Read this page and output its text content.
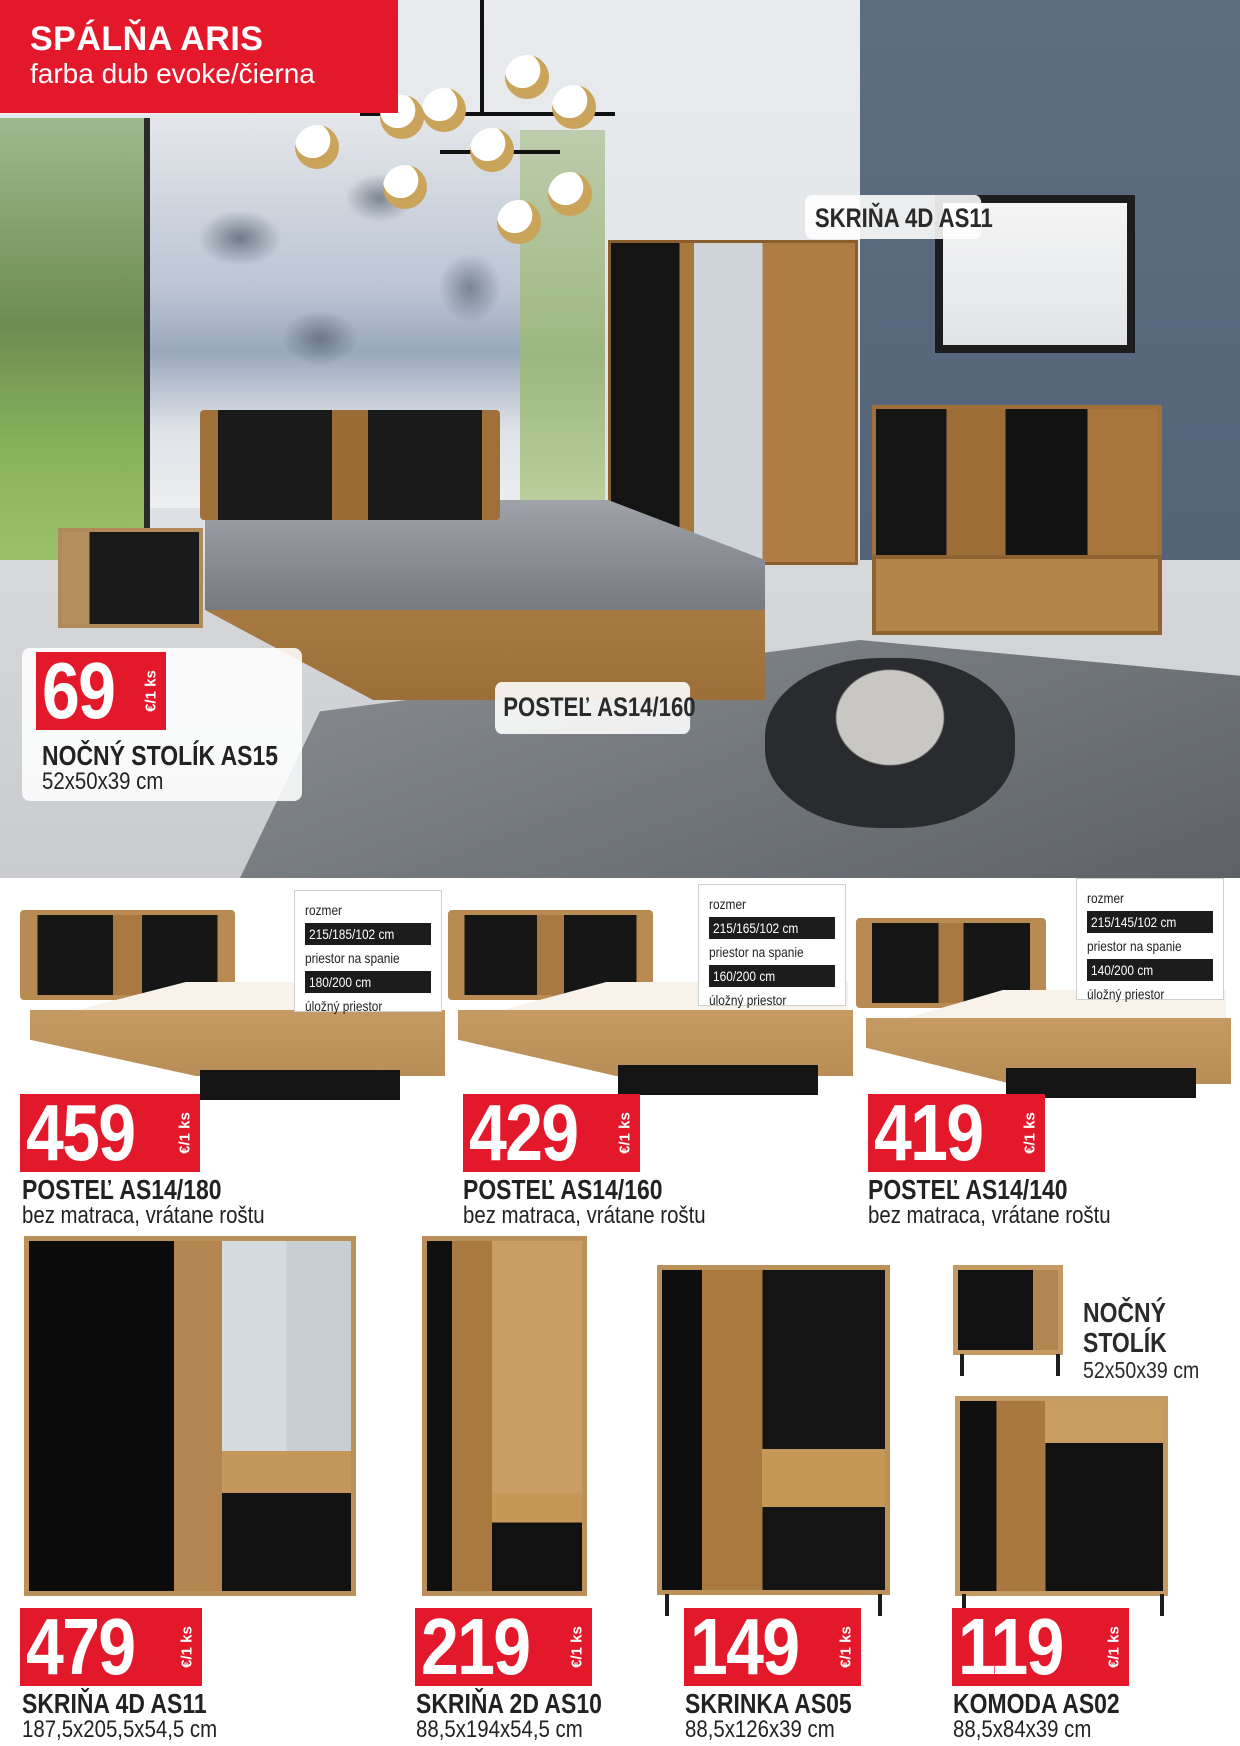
SPÁLŇA ARIS
farba dub evoke/čierna
SKRIŇA 4D AS11
POSTEĽ AS14/160
69 €/1 ks
NOČNÝ STOLÍK AS15
52x50x39 cm
rozmer
215/185/102 cm
priestor na spanie
180/200 cm
úložný priestor
459	€/1 ks
POSTEĽ AS14/180
bez matraca, vrátane roštu
rozmer
215/165/102 cm
priestor na spanie
160/200 cm
úložný priestor
429	€/1 ks
POSTEĽ AS14/160
bez matraca, vrátane roštu
rozmer
215/145/102 cm
priestor na spanie
140/200 cm
úložný priestor
419	€/1 ks
POSTEĽ AS14/140
bez matraca, vrátane roštu
NOČNÝ
STOLÍK
52x50x39 cm
479	€/1 ks
SKRIŇA 4D AS11
187,5x205,5x54,5 cm
219	€/1 ks
SKRIŇA 2D AS10
88,5x194x54,5 cm
149	€/1 ks
SKRINKA AS05
88,5x126x39 cm
119	€/1 ks
KOMODA AS02
88,5x84x39 cm
